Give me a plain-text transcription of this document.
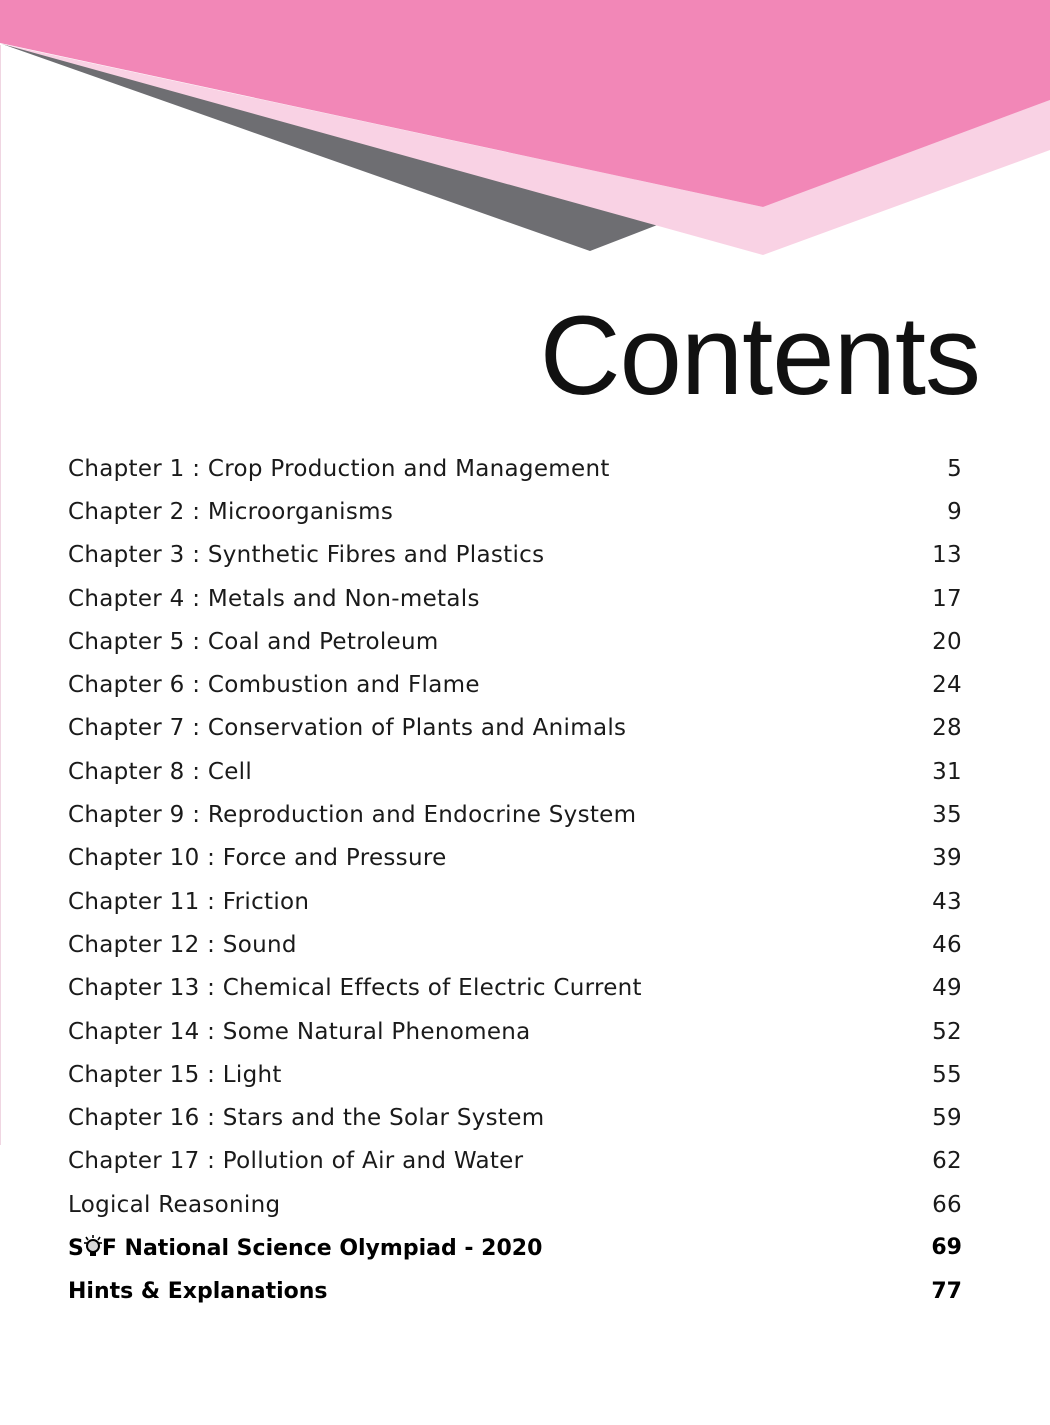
Contents
Chapter 1 : Crop Production and Management	5
Chapter 2 : Microorganisms	9
Chapter 3 : Synthetic Fibres and Plastics	13
Chapter 4 : Metals and Non-metals	17
Chapter 5 : Coal and Petroleum	20
Chapter 6 : Combustion and Flame	24
Chapter 7 : Conservation of Plants and Animals	28
Chapter 8 : Cell	31
Chapter 9 : Reproduction and Endocrine System	35
Chapter 10 : Force and Pressure	39
Chapter 11 : Friction	43
Chapter 12 : Sound	46
Chapter 13 : Chemical Effects of Electric Current	49
Chapter 14 : Some Natural Phenomena	52
Chapter 15 : Light	55
Chapter 16 : Stars and the Solar System	59
Chapter 17 : Pollution of Air and Water	62
Logical Reasoning	66
S F National Science Olympiad - 2020	69
Hints & Explanations	77
